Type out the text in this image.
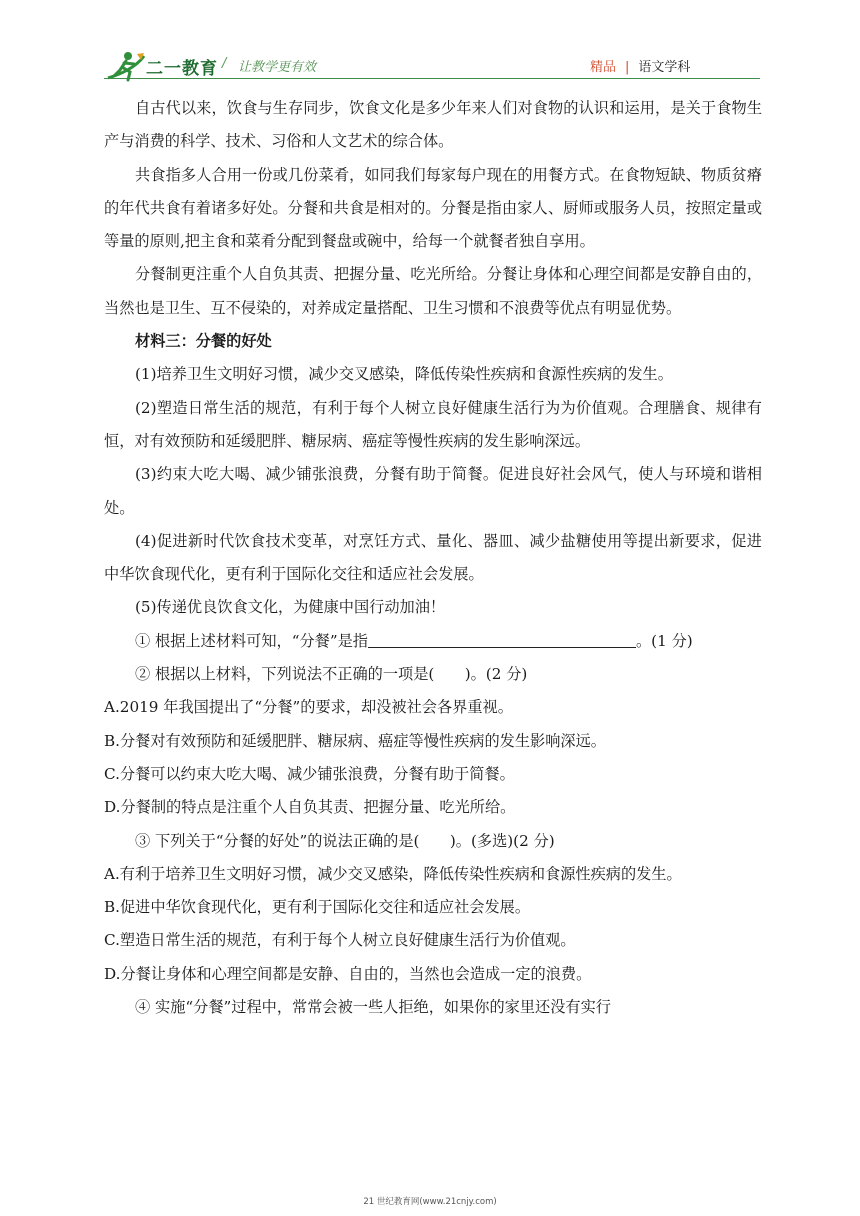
二一教育 / 让教学更有效	精品 | 语文学科

自古代以来，饮食与生存同步，饮食文化是多少年来人们对食物的认识和运用，是关于食物生产与消费的科学、技术、习俗和人文艺术的综合体。

共食指多人合用一份或几份菜肴，如同我们每家每户现在的用餐方式。在食物短缺、物质贫瘠的年代共食有着诸多好处。分餐和共食是相对的。分餐是指由家人、厨师或服务人员，按照定量或等量的原则,把主食和菜肴分配到餐盘或碗中，给每一个就餐者独自享用。

分餐制更注重个人自负其责、把握分量、吃光所给。分餐让身体和心理空间都是安静自由的，当然也是卫生、互不侵染的，对养成定量搭配、卫生习惯和不浪费等优点有明显优势。

材料三：分餐的好处

(1)培养卫生文明好习惯，减少交叉感染，降低传染性疾病和食源性疾病的发生。

(2)塑造日常生活的规范，有利于每个人树立良好健康生活行为为价值观。合理膳食、规律有恒，对有效预防和延缓肥胖、糖尿病、癌症等慢性疾病的发生影响深远。

(3)约束大吃大喝、减少铺张浪费，分餐有助于简餐。促进良好社会风气，使人与环境和谐相处。

(4)促进新时代饮食技术变革，对烹饪方式、量化、器皿、减少盐糖使用等提出新要求，促进中华饮食现代化，更有利于国际化交往和适应社会发展。

(5)传递优良饮食文化，为健康中国行动加油！

① 根据上述材料可知，“分餐”是指	。(1 分)

② 根据以上材料，下列说法不正确的一项是(　　)。(2 分)

A.2019 年我国提出了“分餐”的要求，却没被社会各界重视。

B.分餐对有效预防和延缓肥胖、糖尿病、癌症等慢性疾病的发生影响深远。

C.分餐可以约束大吃大喝、减少铺张浪费，分餐有助于简餐。

D.分餐制的特点是注重个人自负其责、把握分量、吃光所给。

③ 下列关于“分餐的好处”的说法正确的是(　　)。(多选)(2 分)

A.有利于培养卫生文明好习惯，减少交叉感染，降低传染性疾病和食源性疾病的发生。

B.促进中华饮食现代化，更有利于国际化交往和适应社会发展。

C.塑造日常生活的规范，有利于每个人树立良好健康生活行为价值观。

D.分餐让身体和心理空间都是安静、自由的，当然也会造成一定的浪费。

④ 实施“分餐”过程中，常常会被一些人拒绝，如果你的家里还没有实行

21 世纪教育网(www.21cnjy.com)
